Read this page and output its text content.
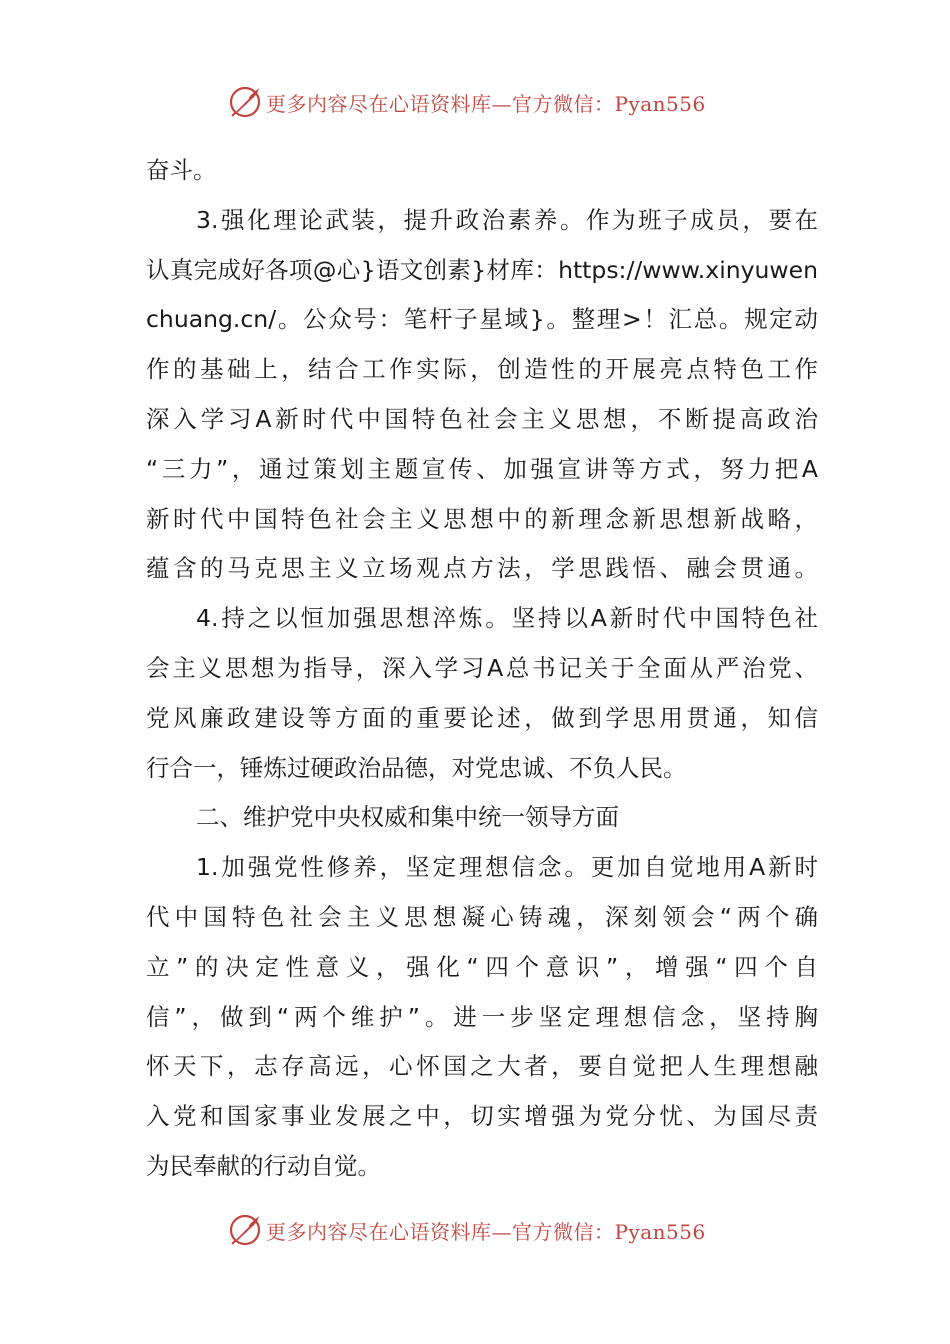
更多内容尽在心语资料库—官方微信：Pyan556
奋斗。
3.强化理论武装，提升政治素养。作为班子成员，要在
认真完成好各项@心}语文创素}材库：https://www.xinyuwen
chuang.cn/。公众号：笔杆子星域}。整理>！汇总。规定动
作的基础上，结合工作实际，创造性的开展亮点特色工作
深入学习A新时代中国特色社会主义思想，不断提高政治
“三力”，通过策划主题宣传、加强宣讲等方式，努力把A
新时代中国特色社会主义思想中的新理念新思想新战略，
蕴含的马克思主义立场观点方法，学思践悟、融会贯通。
4.持之以恒加强思想淬炼。坚持以A新时代中国特色社
会主义思想为指导，深入学习A总书记关于全面从严治党、
党风廉政建设等方面的重要论述，做到学思用贯通，知信
行合一，锤炼过硬政治品德，对党忠诚、不负人民。
二、维护党中央权威和集中统一领导方面
1.加强党性修养，坚定理想信念。更加自觉地用A新时
代中国特色社会主义思想凝心铸魂，深刻领会“两个确
立”的决定性意义，强化“四个意识”，增强“四个自
信”，做到“两个维护”。进一步坚定理想信念，坚持胸
怀天下，志存高远，心怀国之大者，要自觉把人生理想融
入党和国家事业发展之中，切实增强为党分忧、为国尽责
为民奉献的行动自觉。
更多内容尽在心语资料库—官方微信：Pyan556
